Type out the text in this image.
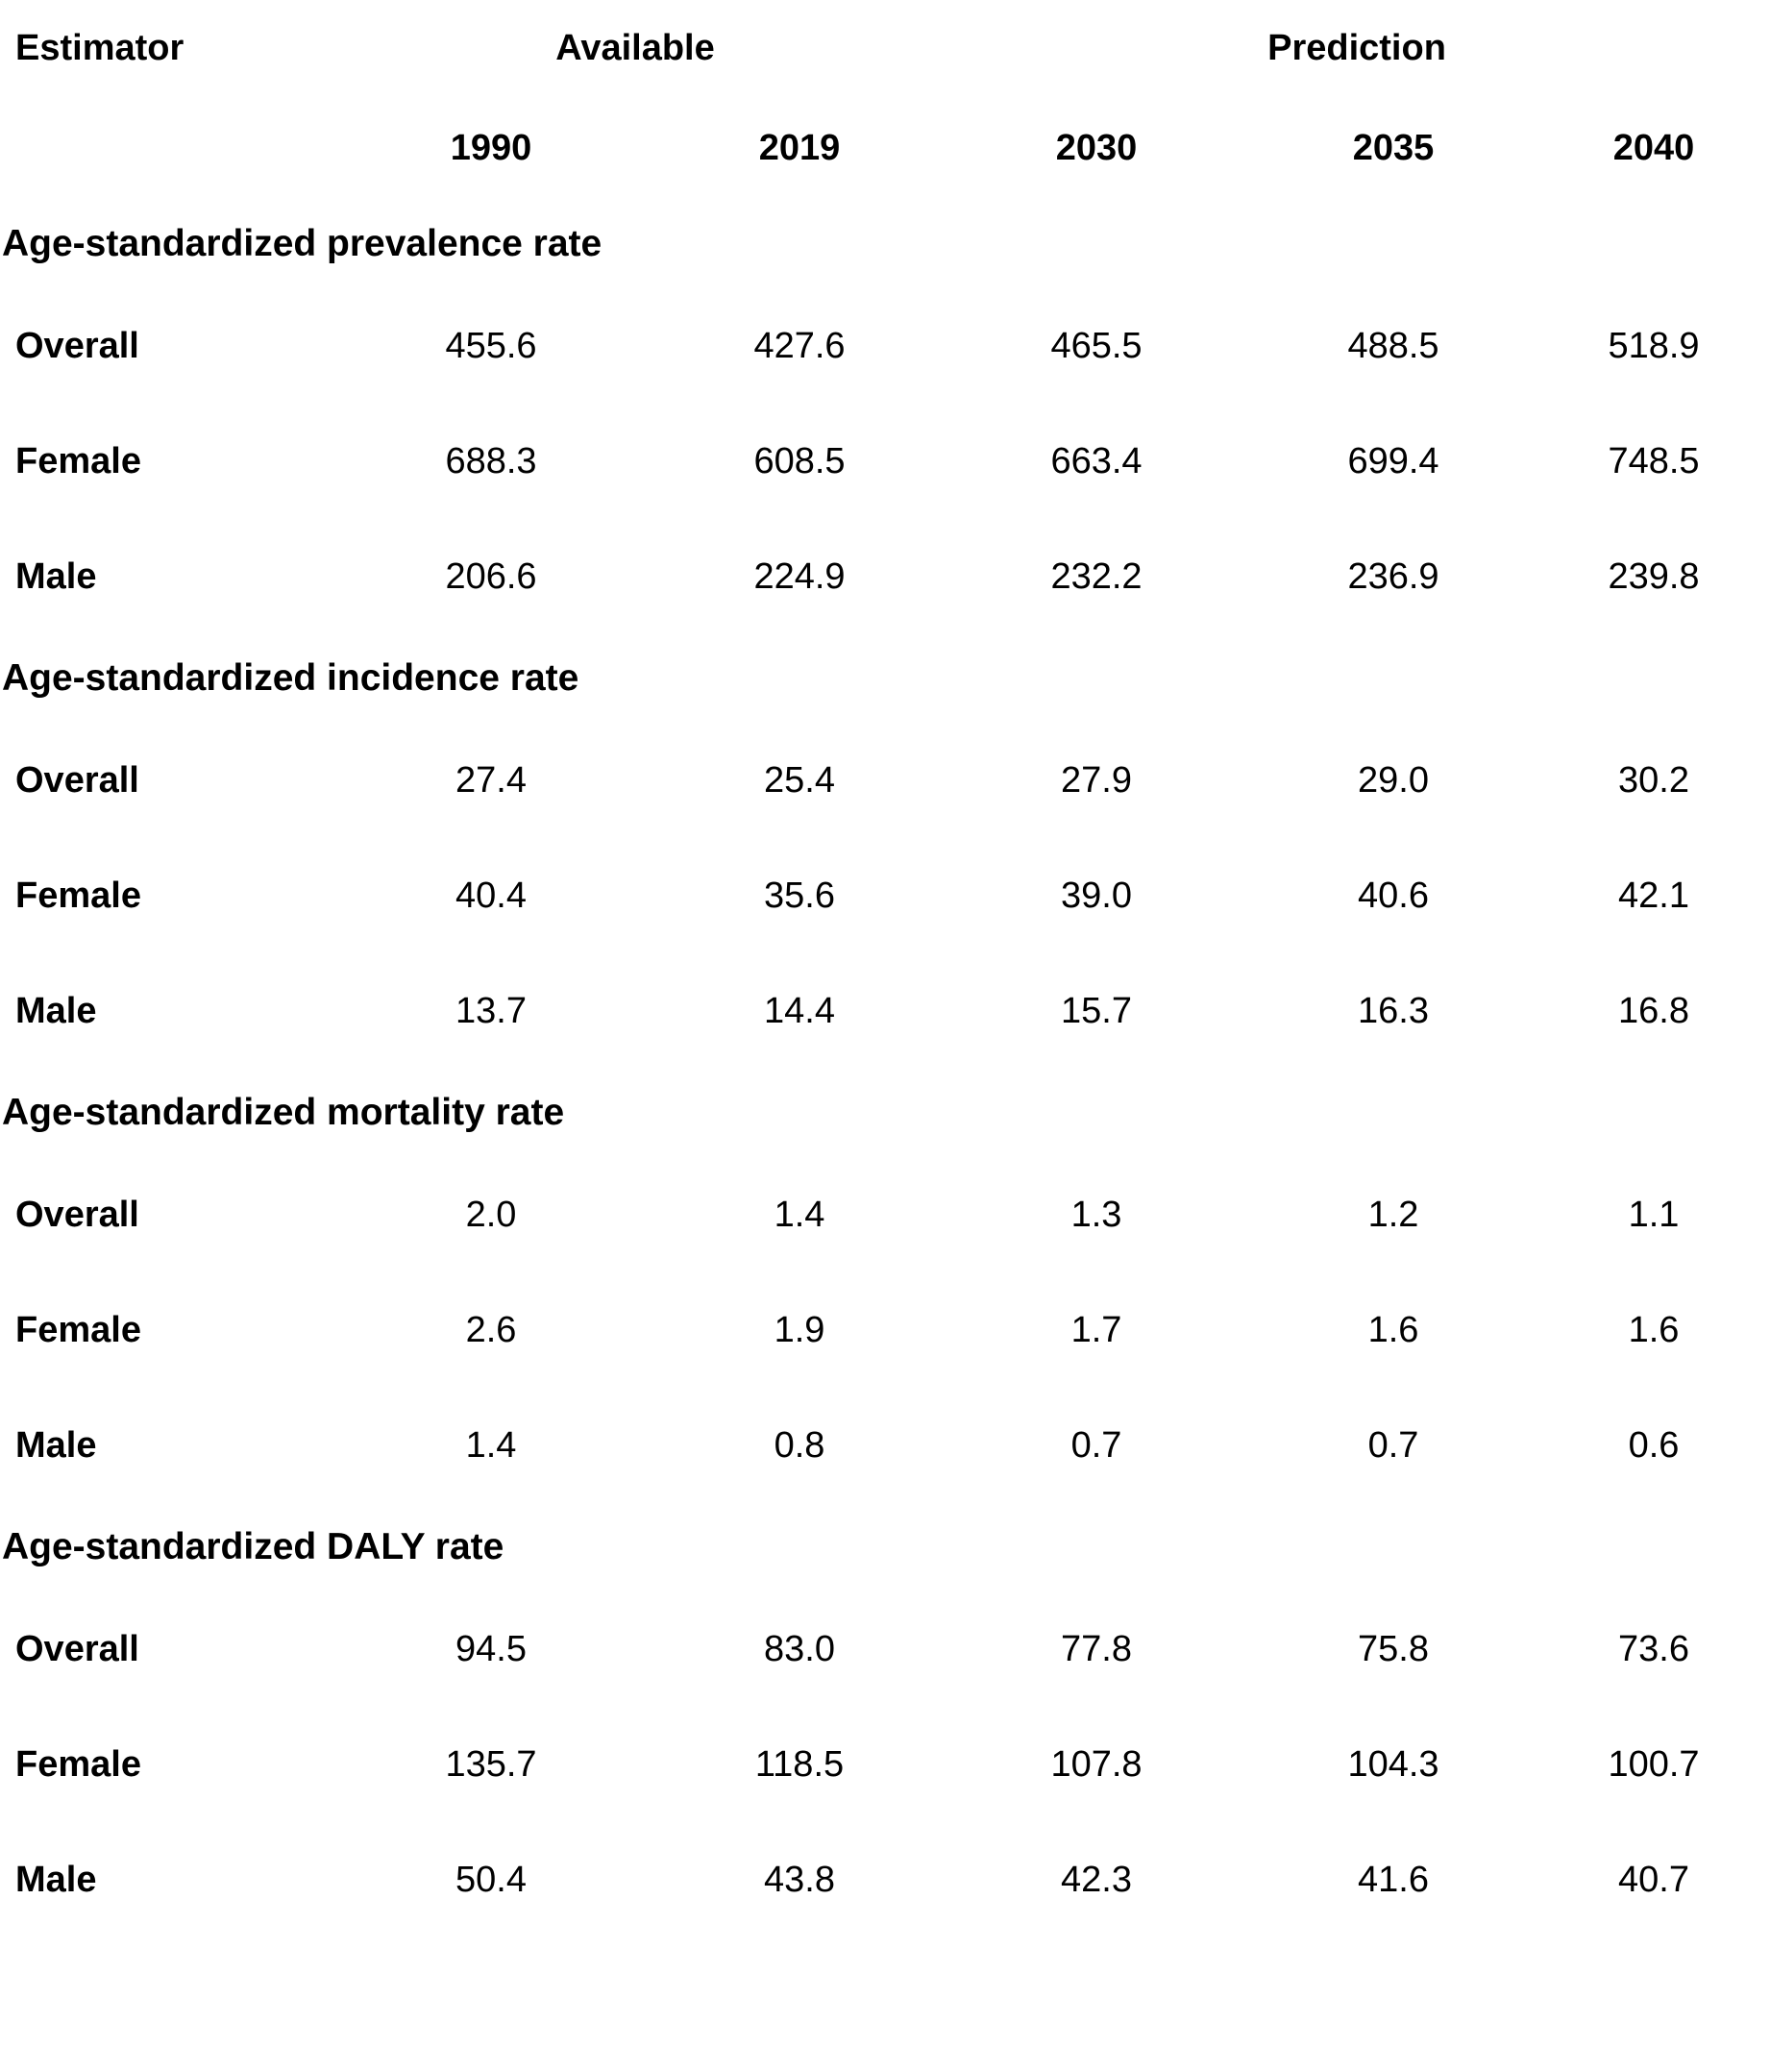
Estimator	Available		Prediction		
	1990	2019	2030	2035	2040
Age-standardized prevalence rate					
Overall	455.6	427.6	465.5	488.5	518.9
Female	688.3	608.5	663.4	699.4	748.5
Male	206.6	224.9	232.2	236.9	239.8
Age-standardized incidence rate					
Overall	27.4	25.4	27.9	29.0	30.2
Female	40.4	35.6	39.0	40.6	42.1
Male	13.7	14.4	15.7	16.3	16.8
Age-standardized mortality rate					
Overall	2.0	1.4	1.3	1.2	1.1
Female	2.6	1.9	1.7	1.6	1.6
Male	1.4	0.8	0.7	0.7	0.6
Age-standardized DALY rate					
Overall	94.5	83.0	77.8	75.8	73.6
Female	135.7	118.5	107.8	104.3	100.7
Male	50.4	43.8	42.3	41.6	40.7
